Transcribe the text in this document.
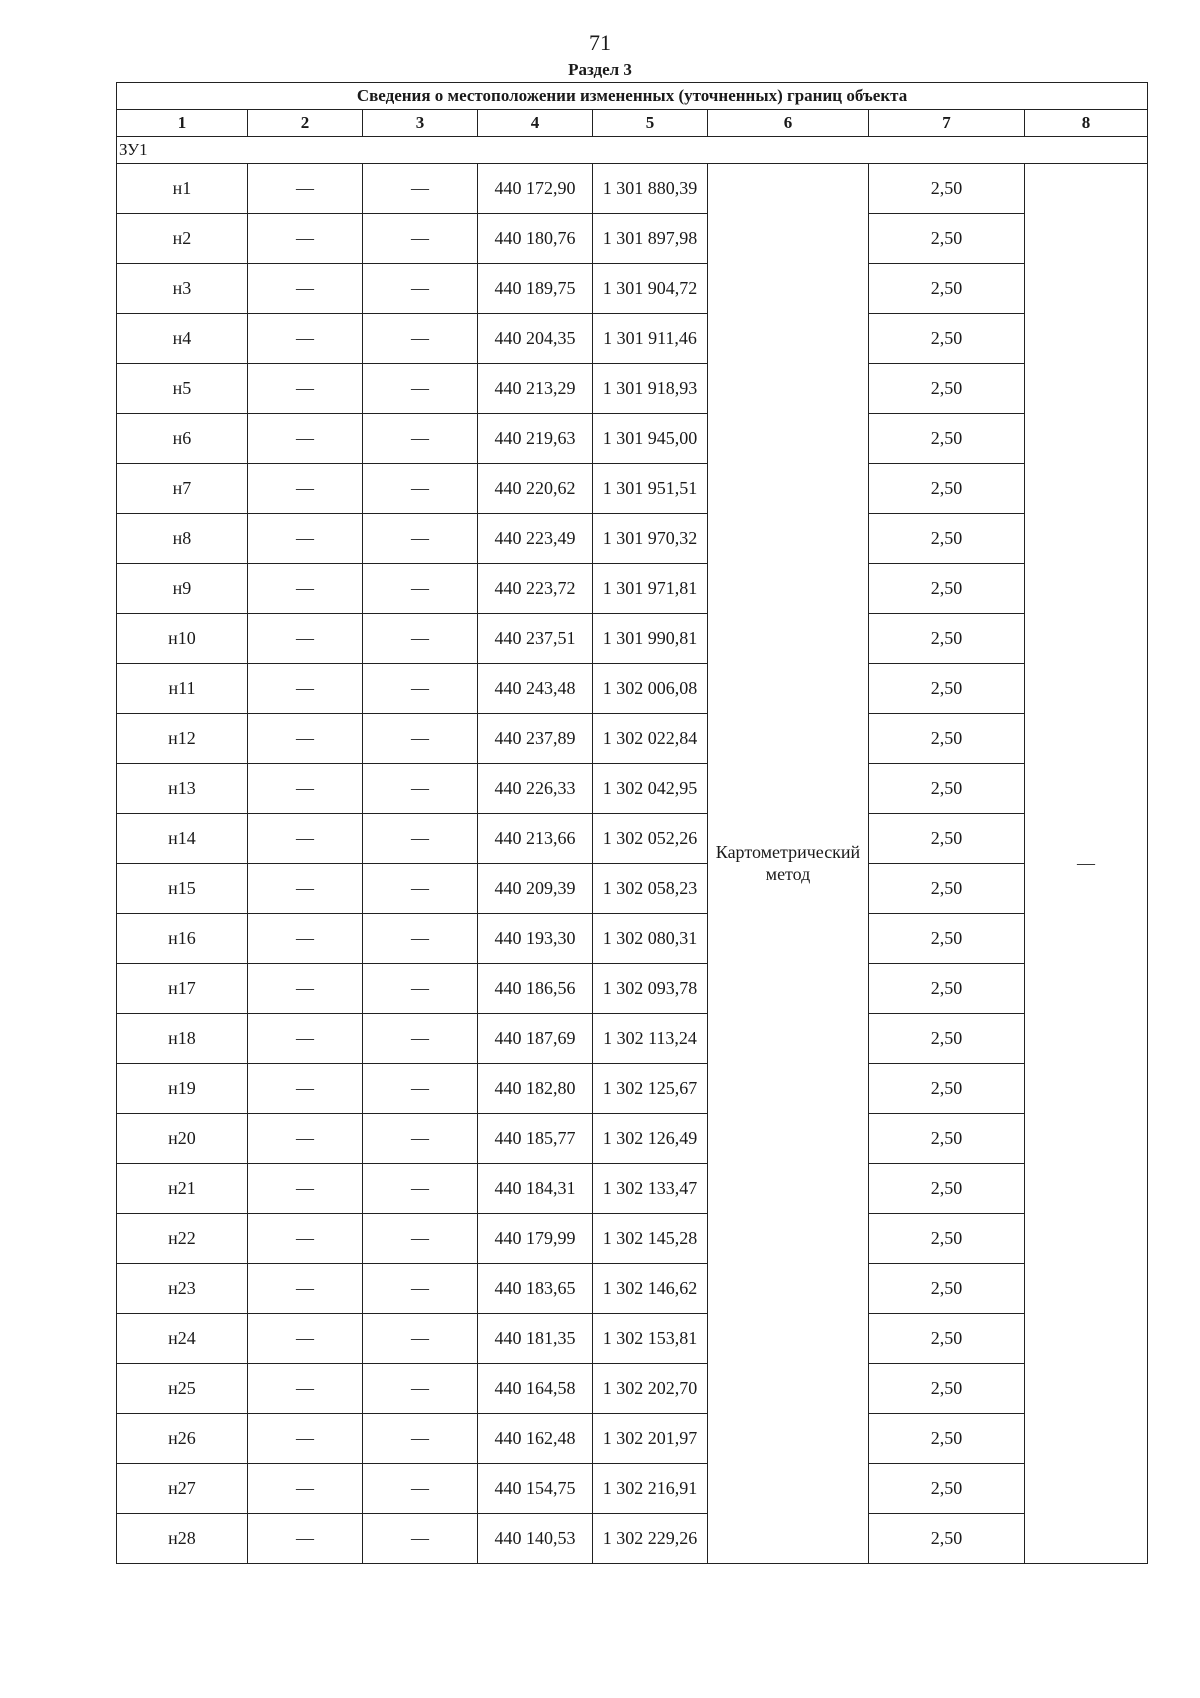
71
Раздел 3
Сведения о местоположении измененных (уточненных) границ объекта							
1	2	3	4	5	6	7	8
ЗУ1							
н1	—	—	440 172,90	1 301 880,39	Картометрический метод	2,50	—
н2	—	—	440 180,76	1 301 897,98		2,50	
н3	—	—	440 189,75	1 301 904,72		2,50	
н4	—	—	440 204,35	1 301 911,46		2,50	
н5	—	—	440 213,29	1 301 918,93		2,50	
н6	—	—	440 219,63	1 301 945,00		2,50	
н7	—	—	440 220,62	1 301 951,51		2,50	
н8	—	—	440 223,49	1 301 970,32		2,50	
н9	—	—	440 223,72	1 301 971,81		2,50	
н10	—	—	440 237,51	1 301 990,81		2,50	
н11	—	—	440 243,48	1 302 006,08		2,50	
н12	—	—	440 237,89	1 302 022,84		2,50	
н13	—	—	440 226,33	1 302 042,95		2,50	
н14	—	—	440 213,66	1 302 052,26		2,50	
н15	—	—	440 209,39	1 302 058,23		2,50	
н16	—	—	440 193,30	1 302 080,31		2,50	
н17	—	—	440 186,56	1 302 093,78		2,50	
н18	—	—	440 187,69	1 302 113,24		2,50	
н19	—	—	440 182,80	1 302 125,67		2,50	
н20	—	—	440 185,77	1 302 126,49		2,50	
н21	—	—	440 184,31	1 302 133,47		2,50	
н22	—	—	440 179,99	1 302 145,28		2,50	
н23	—	—	440 183,65	1 302 146,62		2,50	
н24	—	—	440 181,35	1 302 153,81		2,50	
н25	—	—	440 164,58	1 302 202,70		2,50	
н26	—	—	440 162,48	1 302 201,97		2,50	
н27	—	—	440 154,75	1 302 216,91		2,50	
н28	—	—	440 140,53	1 302 229,26		2,50	
